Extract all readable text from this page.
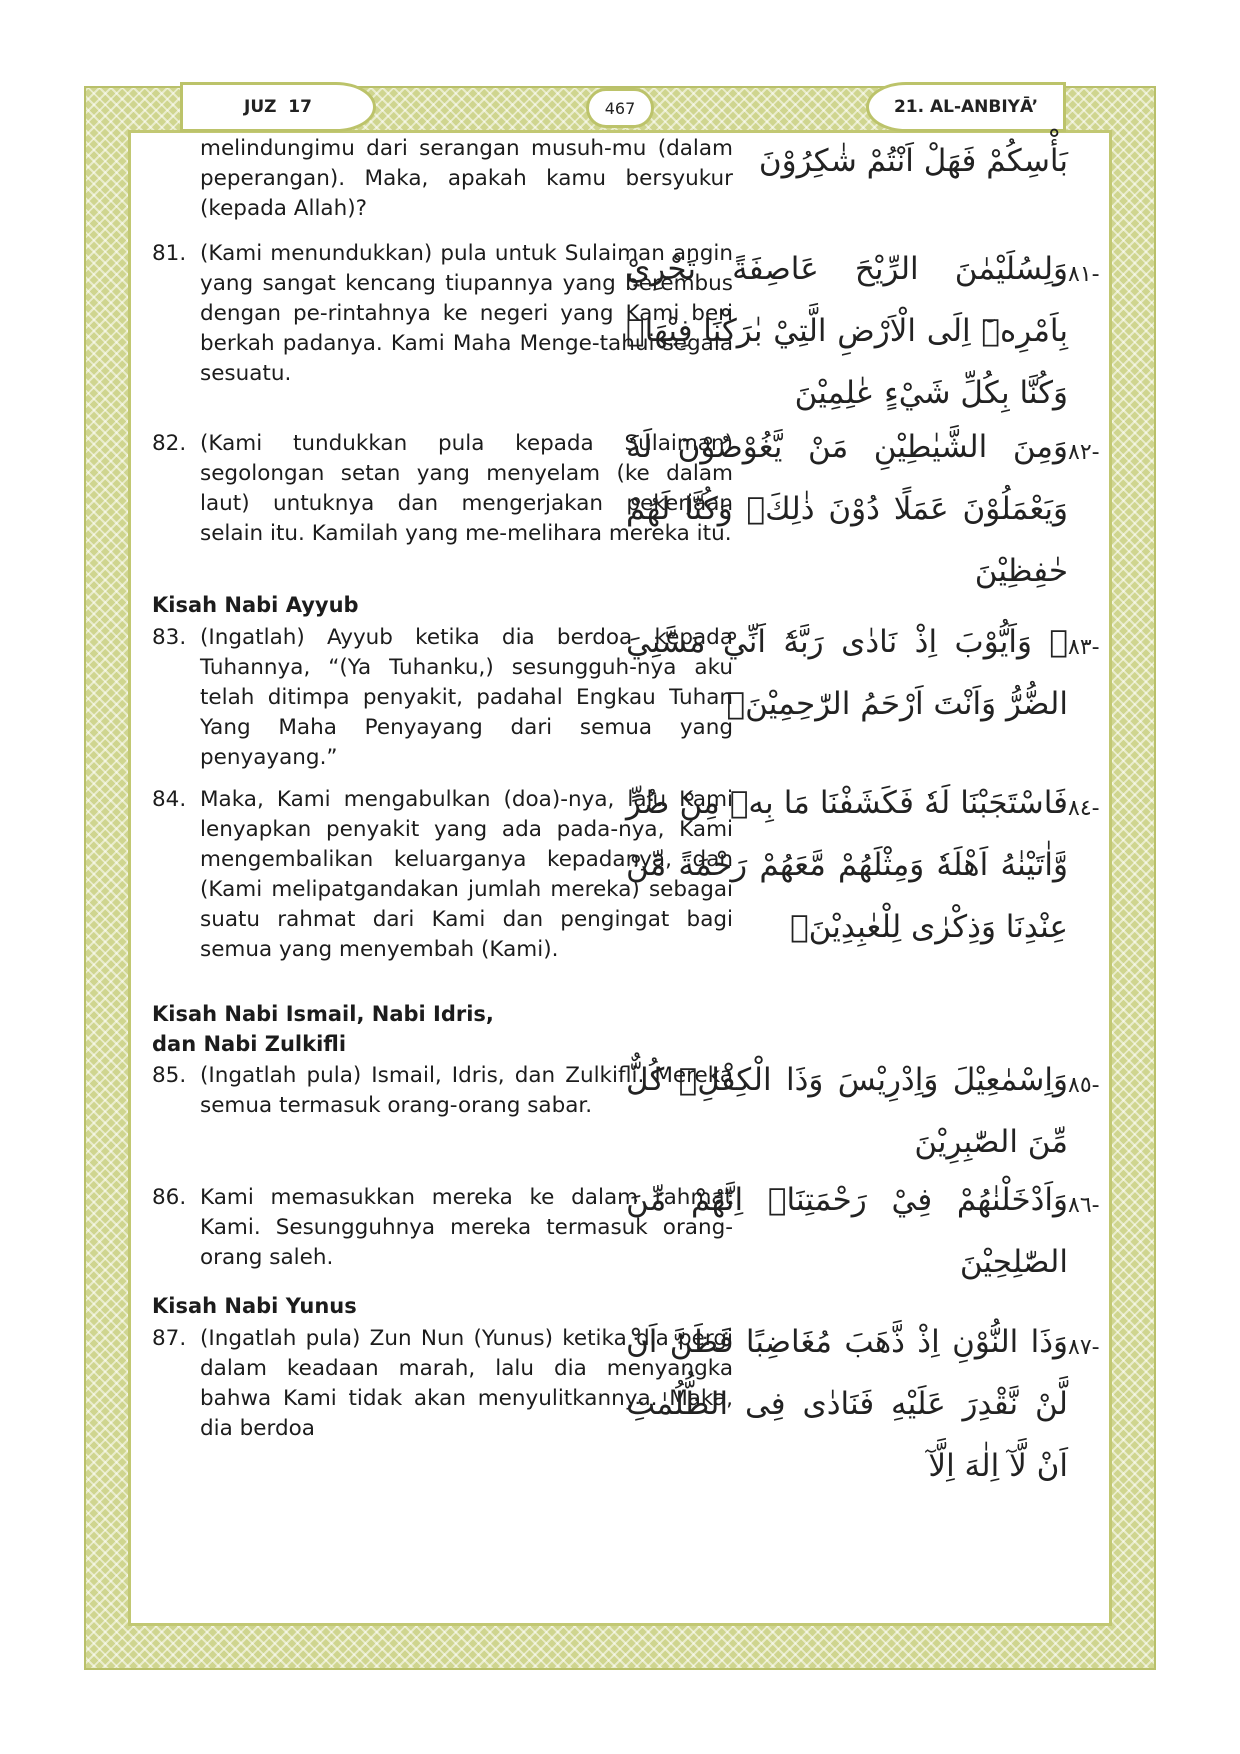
JUZ  17	467	21. AL-ANBIYĀ’
melindungimu dari serangan musuh-mu (dalam peperangan). Maka, apakah kamu bersyukur (kepada Allah)?
بَأْسِكُمْ فَهَلْ اَنْتُمْ شٰكِرُوْنَ
81. (Kami menundukkan) pula untuk Sulaiman angin yang sangat kencang tiupannya yang berembus dengan pe-rintahnya ke negeri yang Kami beri berkah padanya. Kami Maha Menge-tahui segala sesuatu.
٨١-
وَلِسُلَيْمٰنَ الرِّيْحَ عَاصِفَةً تَجْرِيْ بِاَمْرِهٖٓ اِلَى الْاَرْضِ الَّتِيْ بٰرَكْنَا فِيْهَاۗ وَكُنَّا بِكُلِّ شَيْءٍ عٰلِمِيْنَ
82. (Kami tundukkan pula kepada Sulaiman) segolongan setan yang menyelam (ke dalam laut) untuknya dan mengerjakan pekerjaan selain itu. Kamilah yang me-melihara mereka itu.
٨٢-
وَمِنَ الشَّيٰطِيْنِ مَنْ يَّغُوْصُوْنَ لَهٗ وَيَعْمَلُوْنَ عَمَلًا دُوْنَ ذٰلِكَۚ وَكُنَّا لَهُمْ حٰفِظِيْنَ
Kisah Nabi Ayyub
83. (Ingatlah) Ayyub ketika dia berdoa kepada Tuhannya, “(Ya Tuhanku,) sesungguh-nya aku telah ditimpa penyakit, padahal Engkau Tuhan Yang Maha Penyayang dari semua yang penyayang.”
٨٣-
۞ وَاَيُّوْبَ اِذْ نَادٰى رَبَّهٗٓ اَنِّيْ مَسَّنِيَ الضُّرُّ وَاَنْتَ اَرْحَمُ الرّٰحِمِيْنَۚ
84. Maka, Kami mengabulkan (doa)-nya, lalu Kami lenyapkan penyakit yang ada pada-nya, Kami mengembalikan keluarganya kepadanya, dan (Kami melipatgandakan jumlah mereka) sebagai suatu rahmat dari Kami dan pengingat bagi semua yang menyembah (Kami).
٨٤-
فَاسْتَجَبْنَا لَهٗ فَكَشَفْنَا مَا بِهٖ مِنْ ضُرٍّ وَّاٰتَيْنٰهُ اَهْلَهٗ وَمِثْلَهُمْ مَّعَهُمْ رَحْمَةً مِّنْ عِنْدِنَا وَذِكْرٰى لِلْعٰبِدِيْنَۚ
Kisah Nabi Ismail, Nabi Idris, dan Nabi Zulkifli
85. (Ingatlah pula) Ismail, Idris, dan Zulkifli. Mereka semua termasuk orang-orang sabar.
٨٥-
وَاِسْمٰعِيْلَ وَاِدْرِيْسَ وَذَا الْكِفْلِۗ كُلٌّ مِّنَ الصّٰبِرِيْنَ
86. Kami memasukkan mereka ke dalam rahmat Kami. Sesungguhnya mereka termasuk orang-orang saleh.
٨٦-
وَاَدْخَلْنٰهُمْ فِيْ رَحْمَتِنَاۗ اِنَّهُمْ مِّنَ الصّٰلِحِيْنَ
Kisah Nabi Yunus
87. (Ingatlah pula) Zun Nun (Yunus) ketika dia pergi dalam keadaan marah, lalu dia menyangka bahwa Kami tidak akan menyulitkannya. Maka, dia berdoa
٨٧-
وَذَا النُّوْنِ اِذْ ذَّهَبَ مُغَاضِبًا فَظَنَّ اَنْ لَّنْ نَّقْدِرَ عَلَيْهِ فَنَادٰى فِى الظُّلُمٰتِ اَنْ لَّآ اِلٰهَ اِلَّآ
